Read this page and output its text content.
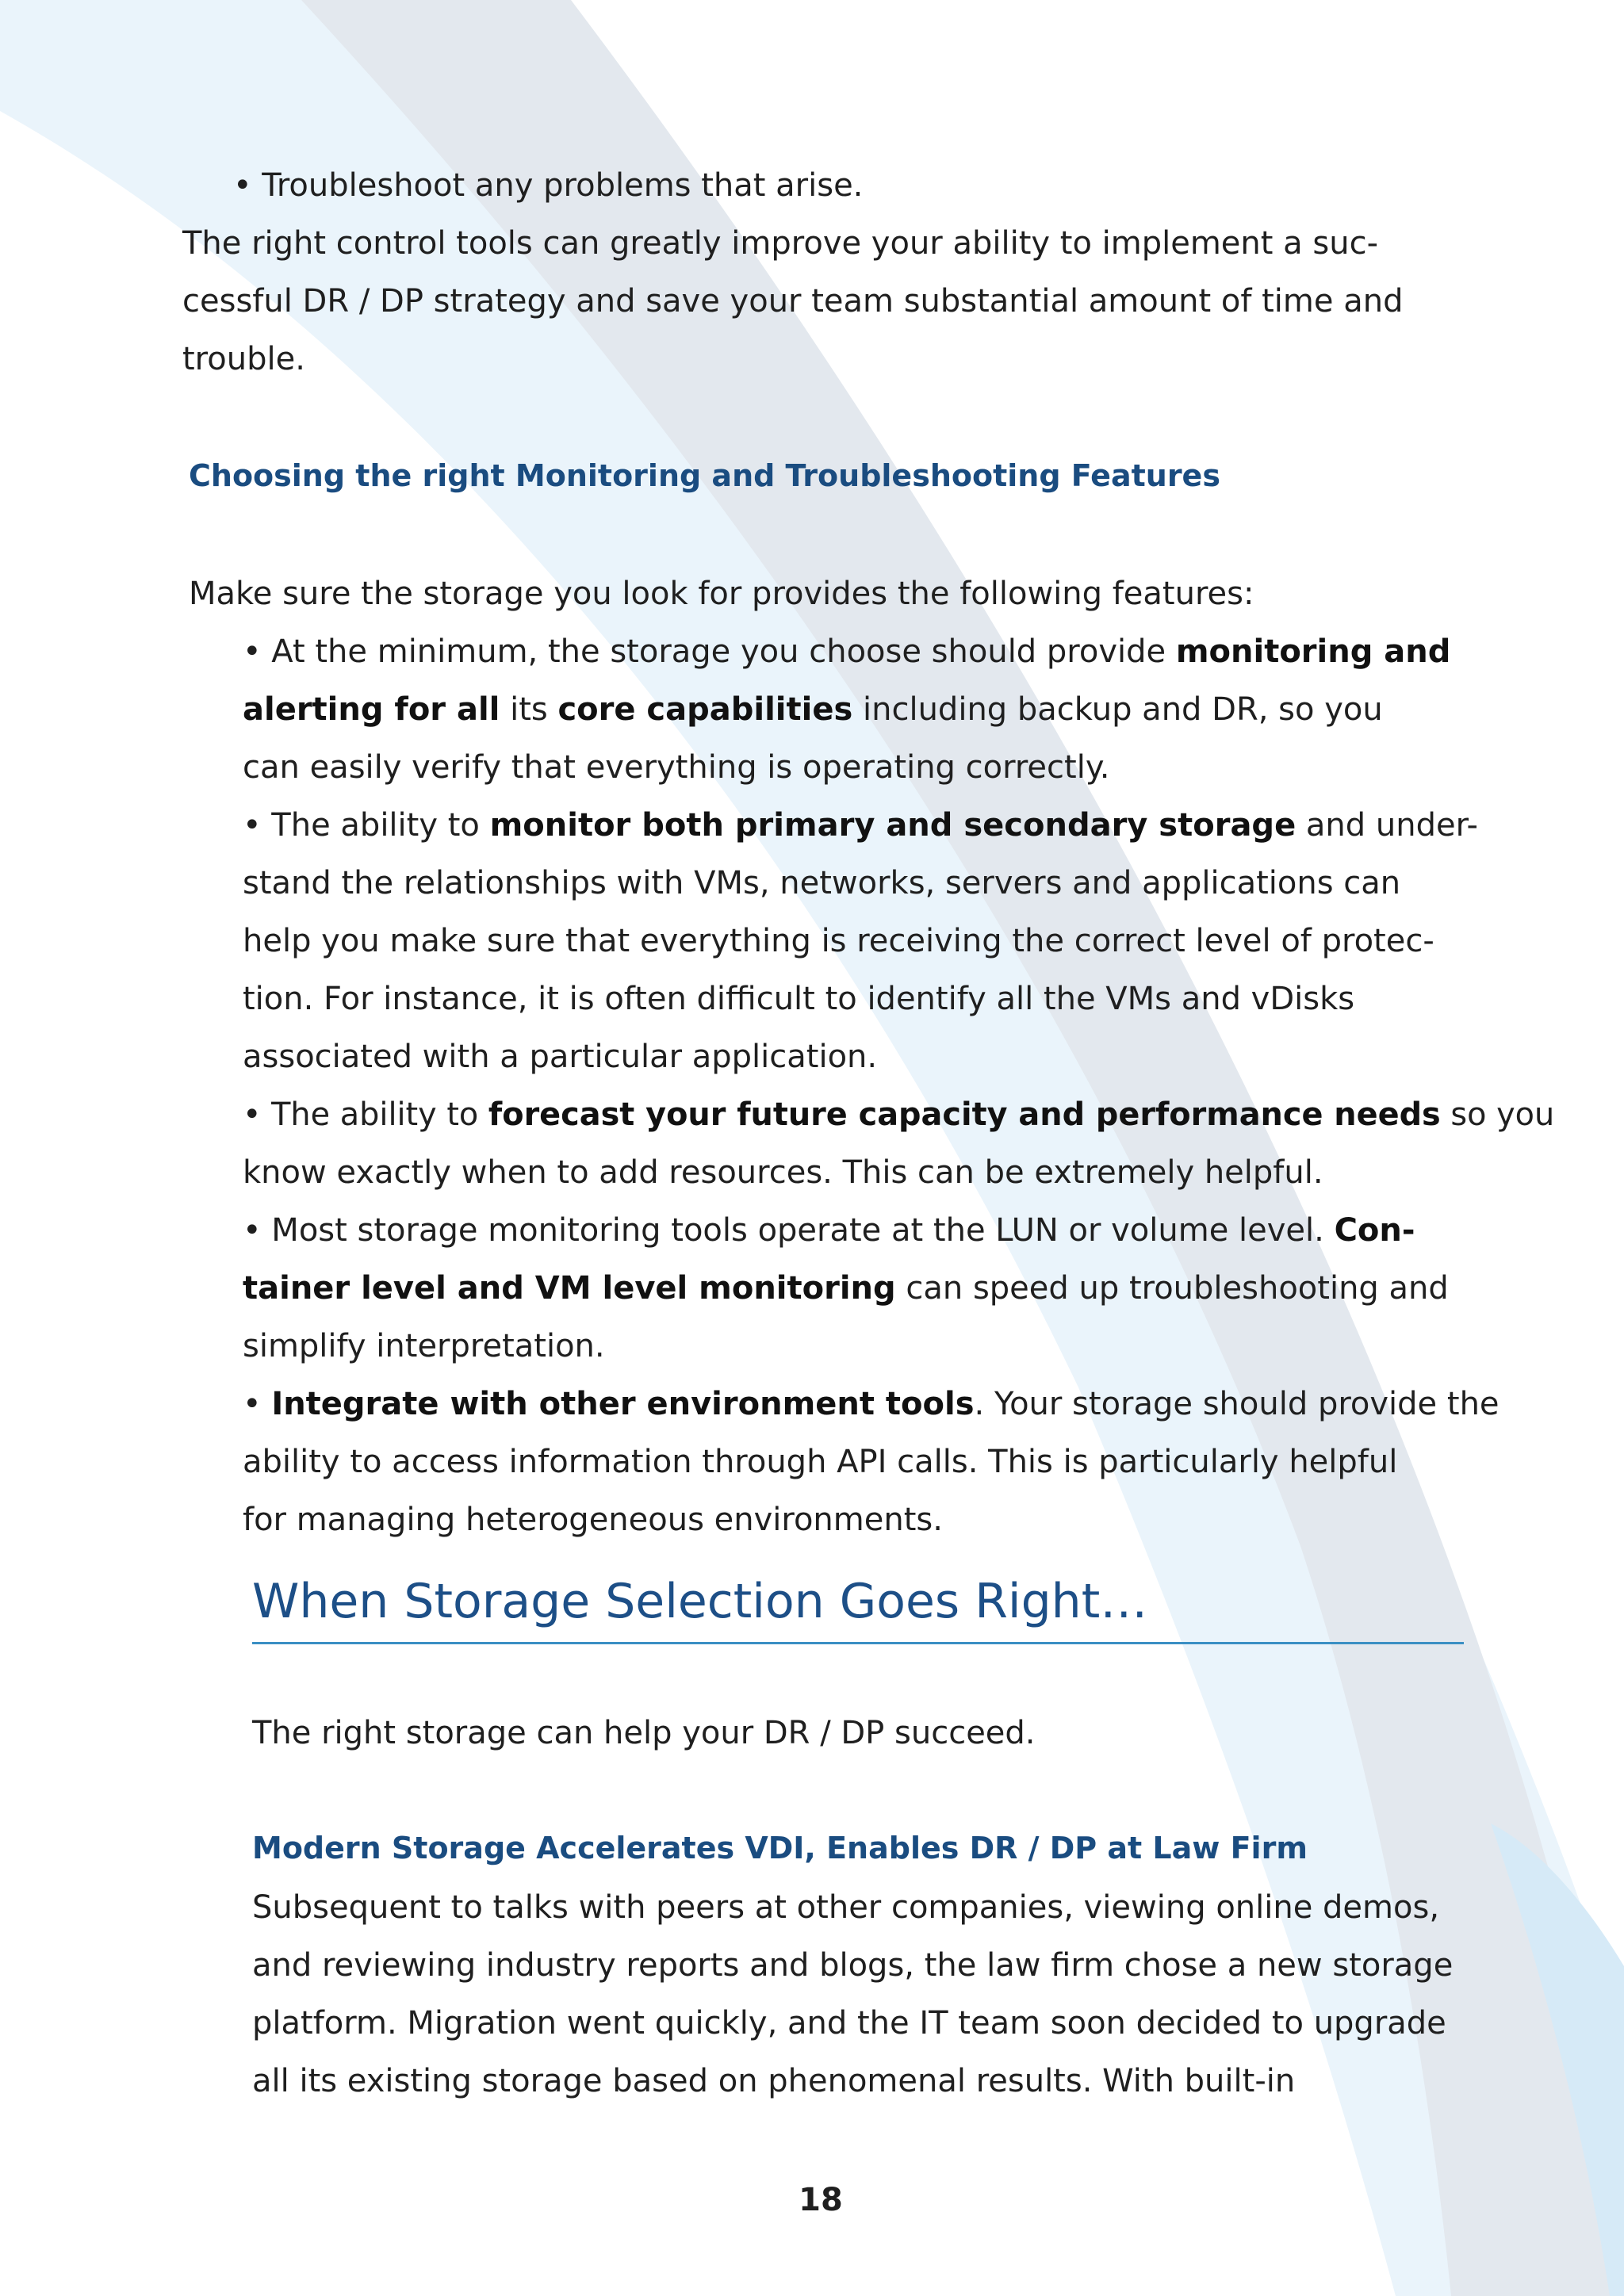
• Troubleshoot any problems that arise.
The right control tools can greatly improve your ability to implement a suc-
cessful DR / DP strategy and save your team substantial amount of time and
trouble.
Choosing the right Monitoring and Troubleshooting Features
Make sure the storage you look for provides the following features:
• At the minimum, the storage you choose should provide monitoring and
alerting for all its core capabilities including backup and DR, so you
can easily verify that everything is operating correctly.
• The ability to monitor both primary and secondary storage and under-
stand the relationships with VMs, networks, servers and applications can
help you make sure that everything is receiving the correct level of protec-
tion. For instance, it is often difficult to identify all the VMs and vDisks
associated with a particular application.
• The ability to forecast your future capacity and performance needs so you
know exactly when to add resources. This can be extremely helpful.
• Most storage monitoring tools operate at the LUN or volume level. Con-
tainer level and VM level monitoring can speed up troubleshooting and
simplify interpretation.
• Integrate with other environment tools. Your storage should provide the
ability to access information through API calls. This is particularly helpful
for managing heterogeneous environments.
When Storage Selection Goes Right…
The right storage can help your DR / DP succeed.
Modern Storage Accelerates VDI, Enables DR / DP at Law Firm
Subsequent to talks with peers at other companies, viewing online demos,
and reviewing industry reports and blogs, the law firm chose a new storage
platform. Migration went quickly, and the IT team soon decided to upgrade
all its existing storage based on phenomenal results. With built-in
18
